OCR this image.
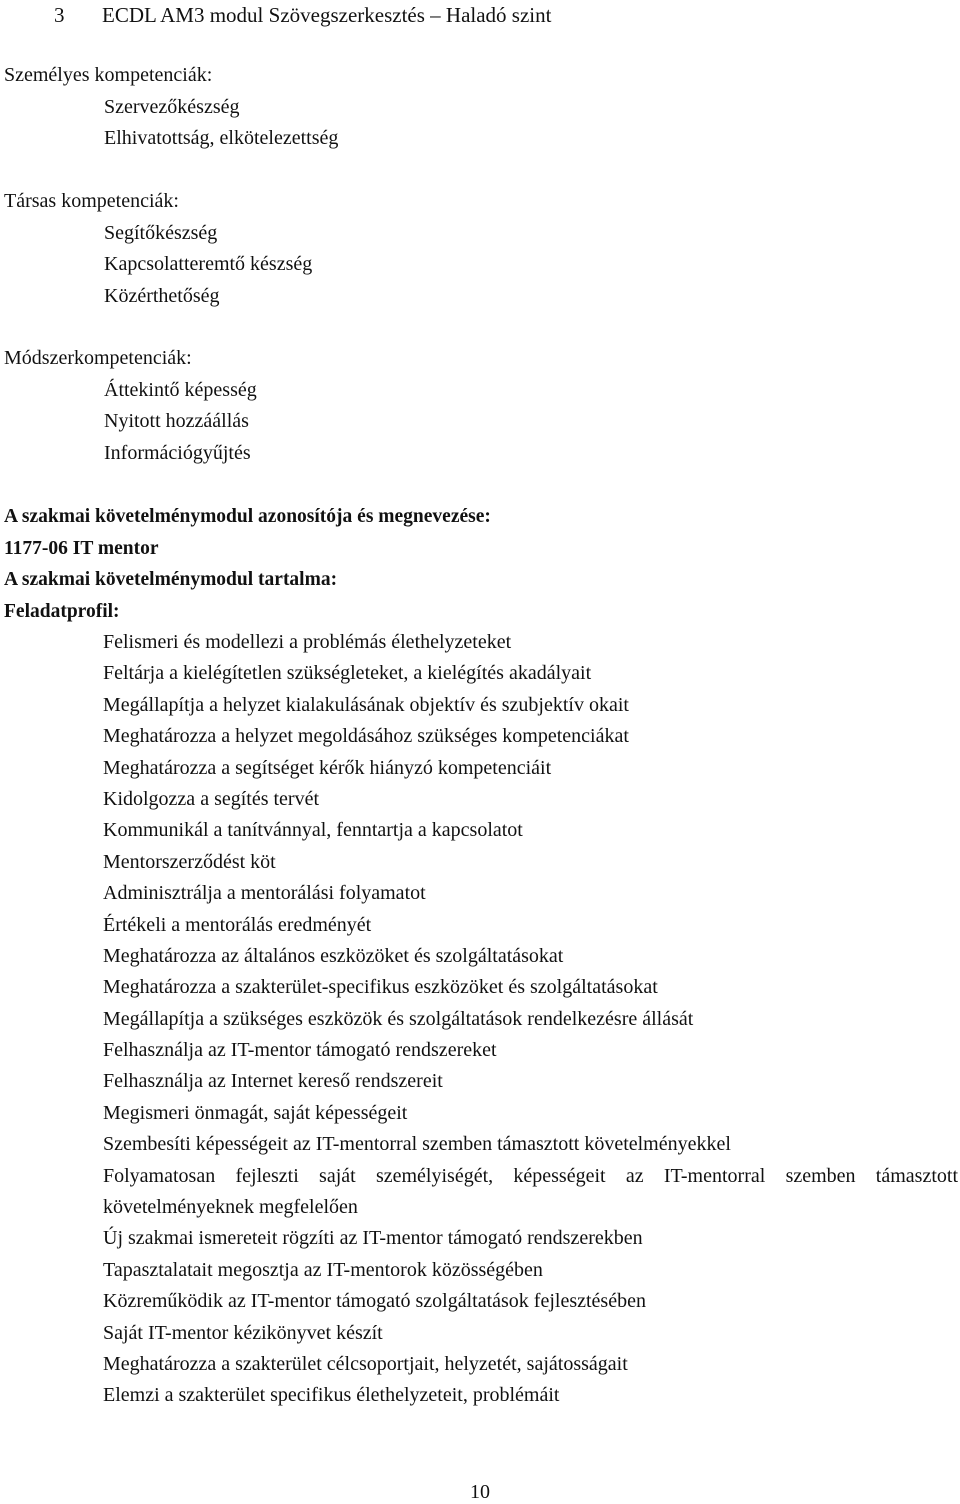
3 ECDL AM3 modul Szövegszerkesztés – Haladó szint
Személyes kompetenciák:
Szervezőkészség
Elhivatottság, elkötelezettség
Társas kompetenciák:
Segítőkészség
Kapcsolatteremtő készség
Közérthetőség
Módszerkompetenciák:
Áttekintő képesség
Nyitott hozzáállás
Információgyűjtés
A szakmai követelménymodul azonosítója és megnevezése:
1177-06 IT mentor
A szakmai követelménymodul tartalma:
Feladatprofil:
Felismeri és modellezi a problémás élethelyzeteket
Feltárja a kielégítetlen szükségleteket, a kielégítés akadályait
Megállapítja a helyzet kialakulásának objektív és szubjektív okait
Meghatározza a helyzet megoldásához szükséges kompetenciákat
Meghatározza a segítséget kérők hiányzó kompetenciáit
Kidolgozza a segítés tervét
Kommunikál a tanítvánnyal, fenntartja a kapcsolatot
Mentorszerződést köt
Adminisztrálja a mentorálási folyamatot
Értékeli a mentorálás eredményét
Meghatározza az általános eszközöket és szolgáltatásokat
Meghatározza a szakterület-specifikus eszközöket és szolgáltatásokat
Megállapítja a szükséges eszközök és szolgáltatások rendelkezésre állását
Felhasználja az IT-mentor támogató rendszereket
Felhasználja az Internet kereső rendszereit
Megismeri önmagát, saját képességeit
Szembesíti képességeit az IT-mentorral szemben támasztott követelményekkel
Folyamatosan fejleszti saját személyiségét, képességeit az IT-mentorral szemben támasztott követelményeknek megfelelően
Új szakmai ismereteit rögzíti az IT-mentor támogató rendszerekben
Tapasztalatait megosztja az IT-mentorok közösségében
Közreműködik az IT-mentor támogató szolgáltatások fejlesztésében
Saját IT-mentor kézikönyvet készít
Meghatározza a szakterület célcsoportjait, helyzetét, sajátosságait
Elemzi a szakterület specifikus élethelyzeteit, problémáit
10
